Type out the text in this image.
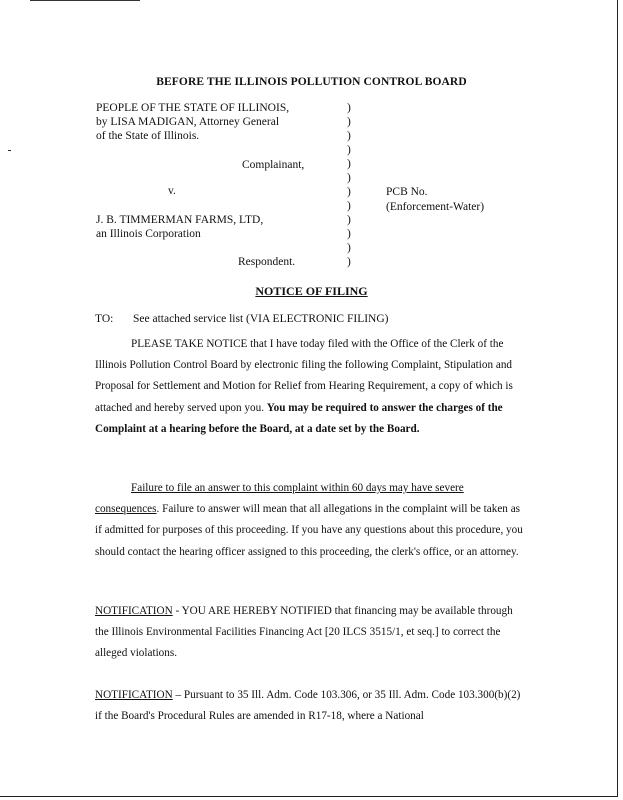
BEFORE THE ILLINOIS POLLUTION CONTROL BOARD
PEOPLE OF THE STATE OF ILLINOIS,
by LISA MADIGAN, Attorney General
of the State of Illinois.
Complainant,
v.
J. B. TIMMERMAN FARMS, LTD,
an Illinois Corporation
Respondent.
)
)
)
)
)
)
)
)
)
)
)
)
PCB No.
(Enforcement-Water)
NOTICE OF FILING
TO: See attached service list (VIA ELECTRONIC FILING)
PLEASE TAKE NOTICE that I have today filed with the Office of the Clerk of the Illinois Pollution Control Board by electronic filing the following Complaint, Stipulation and Proposal for Settlement and Motion for Relief from Hearing Requirement, a copy of which is attached and hereby served upon you. You may be required to answer the charges of the Complaint at a hearing before the Board, at a date set by the Board.
Failure to file an answer to this complaint within 60 days may have severe consequences. Failure to answer will mean that all allegations in the complaint will be taken as if admitted for purposes of this proceeding. If you have any questions about this procedure, you should contact the hearing officer assigned to this proceeding, the clerk's office, or an attorney.
NOTIFICATION - YOU ARE HEREBY NOTIFIED that financing may be available through the Illinois Environmental Facilities Financing Act [20 ILCS 3515/1, et seq.] to correct the alleged violations.
NOTIFICATION – Pursuant to 35 Ill. Adm. Code 103.306, or 35 Ill. Adm. Code 103.300(b)(2) if the Board's Procedural Rules are amended in R17-18, where a National
